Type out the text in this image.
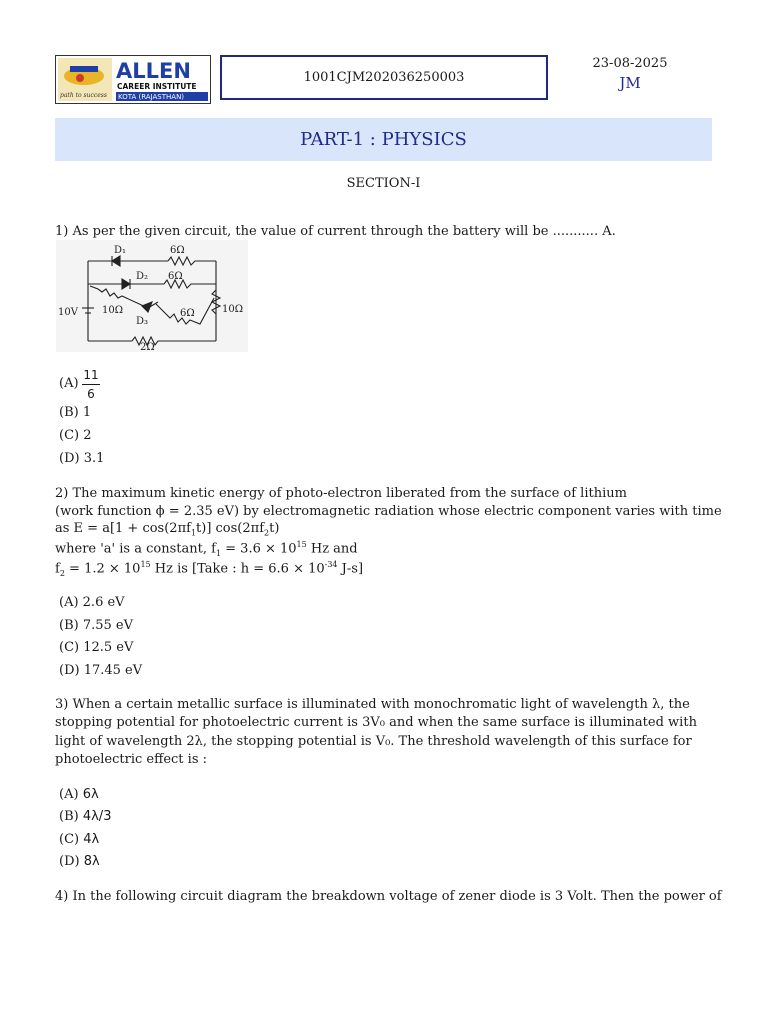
path to success
ALLEN
CAREER INSTITUTE
KOTA (RAJASTHAN)
1001CJM202036250003
23-08-2025
JM
PART-1 : PHYSICS
SECTION-I
1) As per the given circuit, the value of current through the battery will be ........... A.
D₁	6Ω
D₂ 6Ω
10V 10Ω
D₃
6Ω	10Ω
2Ω
(A)
11
6
(B) 1
(C) 2
(D) 3.1
2) The maximum kinetic energy of photo-electron liberated from the surface of lithium
(work function ϕ = 2.35 eV) by electromagnetic radiation whose electric component varies with time
as $E = a[1 + \cos(2\pi f_1t)]$ $\cos(2\pi f_2t)$
where 'a' is a constant, $f_1 = 3.6 \times 10^{15}$ Hz and
$f_2 = 1.2 \times 10^{15}$ Hz is [Take : $h = 6.6 \times 10^{-34}$ J-s]
(A) 2.6 eV
(B) 7.55 eV
(C) 12.5 eV
(D) 17.45 eV
3) When a certain metallic surface is illuminated with monochromatic light of wavelength λ, the
stopping potential for photoelectric current is 3V₀ and when the same surface is illuminated with
light of wavelength 2λ, the stopping potential is V₀. The threshold wavelength of this surface for
photoelectric effect is :
(A) 6λ
(B) 4λ/3
(C) 4λ
(D) 8λ
4) In the following circuit diagram the breakdown voltage of zener diode is 3 Volt. Then the power of
